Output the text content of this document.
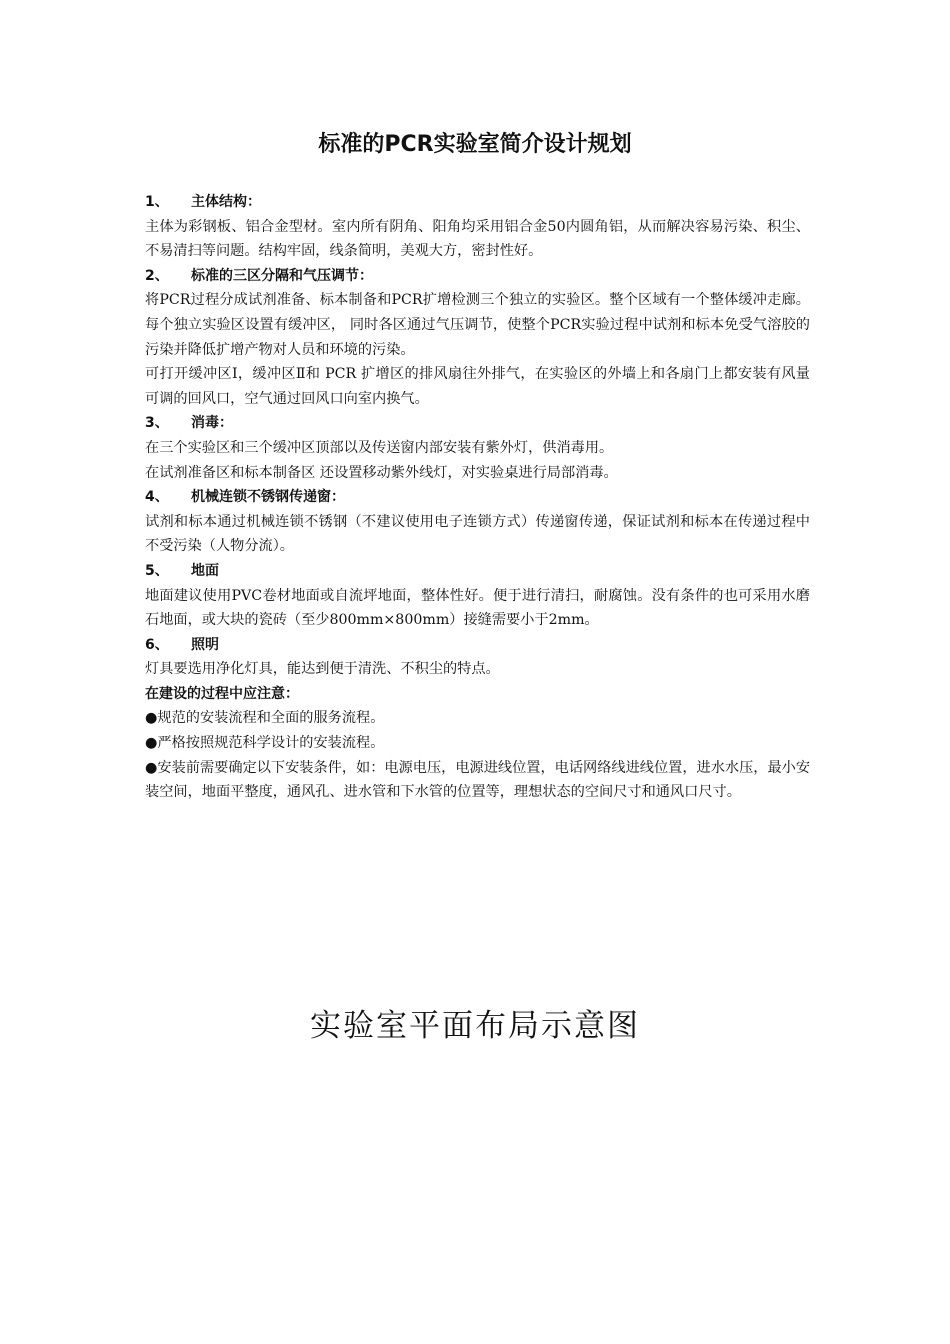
标准的PCR实验室简介设计规划
1、 主体结构：
主体为彩钢板、铝合金型材。室内所有阴角、阳角均采用铝合金50内圆角铝，从而解决容易污染、积尘、不易清扫等问题。结构牢固，线条简明，美观大方，密封性好。
2、 标准的三区分隔和气压调节：
将PCR过程分成试剂准备、标本制备和PCR扩增检测三个独立的实验区。整个区域有一个整体缓冲走廊。每个独立实验区设置有缓冲区， 同时各区通过气压调节，使整个PCR实验过程中试剂和标本免受气溶胶的污染并降低扩增产物对人员和环境的污染。
可打开缓冲区Ⅰ，缓冲区Ⅱ和 PCR 扩增区的排风扇往外排气，在实验区的外墙上和各扇门上都安装有风量可调的回风口，空气通过回风口向室内换气。
3、 消毒：
在三个实验区和三个缓冲区顶部以及传送窗内部安装有紫外灯，供消毒用。
在试剂准备区和标本制备区 还设置移动紫外线灯，对实验桌进行局部消毒。
4、 机械连锁不锈钢传递窗：
试剂和标本通过机械连锁不锈钢（不建议使用电子连锁方式）传递窗传递，保证试剂和标本在传递过程中不受污染（人物分流）。
5、 地面
地面建议使用PVC卷材地面或自流坪地面，整体性好。便于进行清扫，耐腐蚀。没有条件的也可采用水磨石地面，或大块的瓷砖（至少800mm×800mm）接缝需要小于2mm。
6、 照明
灯具要选用净化灯具，能达到便于清洗、不积尘的特点。
在建设的过程中应注意：
●规范的安装流程和全面的服务流程。
●严格按照规范科学设计的安装流程。
●安装前需要确定以下安装条件，如：电源电压，电源进线位置，电话网络线进线位置，进水水压，最小安装空间，地面平整度，通风孔、进水管和下水管的位置等，理想状态的空间尺寸和通风口尺寸。
实验室平面布局示意图
